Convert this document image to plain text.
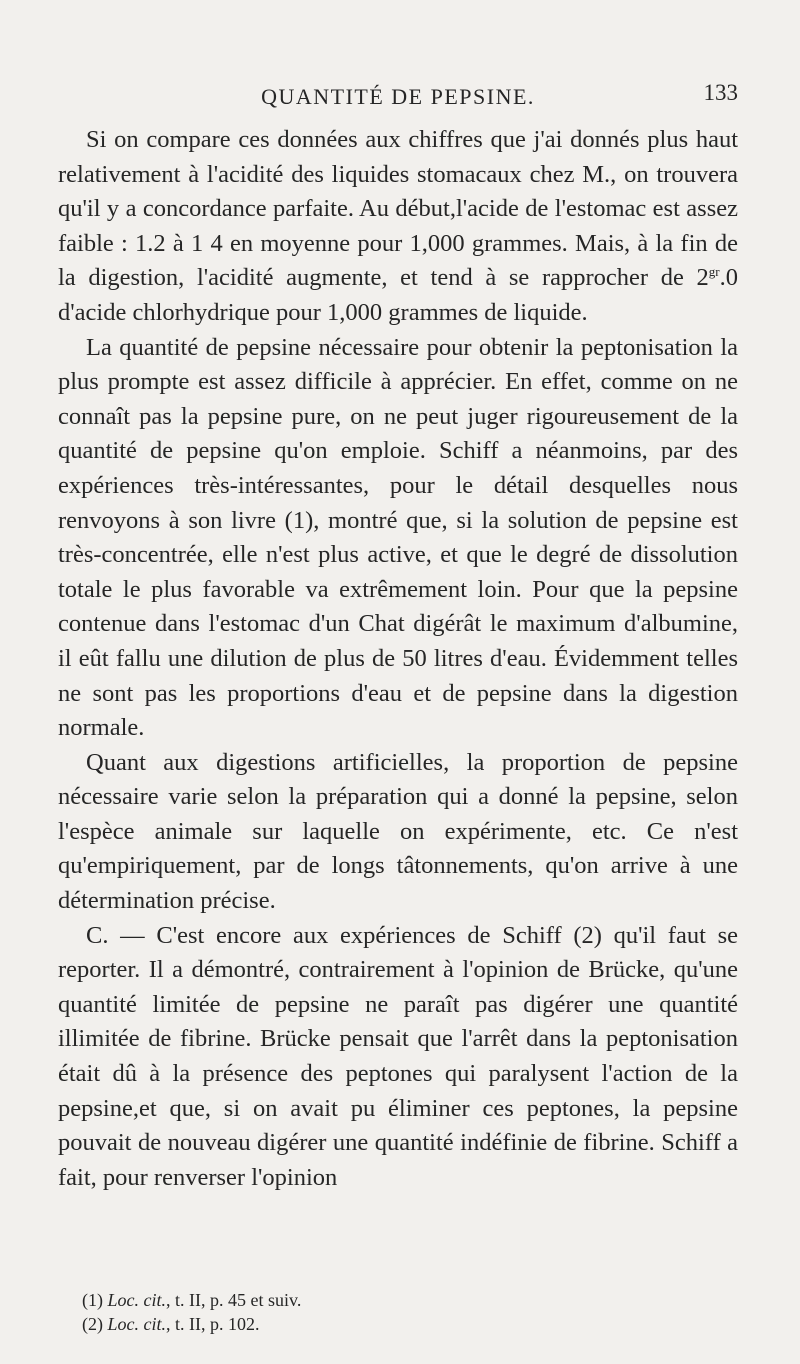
QUANTITÉ DE PEPSINE.	133

Si on compare ces données aux chiffres que j'ai donnés plus haut relativement à l'acidité des liquides stomacaux chez M., on trouvera qu'il y a concordance parfaite. Au début,l'acide de l'estomac est assez faible : 1.2 à 1 4 en moyenne pour 1,000 grammes. Mais, à la fin de la digestion, l'acidité augmente, et tend à se rapprocher de $2^{gr}.0$ d'acide chlorhydrique pour 1,000 grammes de liquide.

La quantité de pepsine nécessaire pour obtenir la peptonisation la plus prompte est assez difficile à apprécier. En effet, comme on ne connaît pas la pepsine pure, on ne peut juger rigoureusement de la quantité de pepsine qu'on emploie. Schiff a néanmoins, par des expériences très-intéressantes, pour le détail desquelles nous renvoyons à son livre (1), montré que, si la solution de pepsine est très-concentrée, elle n'est plus active, et que le degré de dissolution totale le plus favorable va extrêmement loin. Pour que la pepsine contenue dans l'estomac d'un Chat digérât le maximum d'albumine, il eût fallu une dilution de plus de 50 litres d'eau. Évidemment telles ne sont pas les proportions d'eau et de pepsine dans la digestion normale.

Quant aux digestions artificielles, la proportion de pepsine nécessaire varie selon la préparation qui a donné la pepsine, selon l'espèce animale sur laquelle on expérimente, etc. Ce n'est qu'empiriquement, par de longs tâtonnements, qu'on arrive à une détermination précise.

C. — C'est encore aux expériences de Schiff (2) qu'il faut se reporter. Il a démontré, contrairement à l'opinion de Brücke, qu'une quantité limitée de pepsine ne paraît pas digérer une quantité illimitée de fibrine. Brücke pensait que l'arrêt dans la peptonisation était dû à la présence des peptones qui paralysent l'action de la pepsine,et que, si on avait pu éliminer ces peptones, la pepsine pouvait de nouveau digérer une quantité indéfinie de fibrine. Schiff a fait, pour renverser l'opinion

(1) Loc. cit., t. II, p. 45 et suiv.
(2) Loc. cit., t. II, p. 102.
